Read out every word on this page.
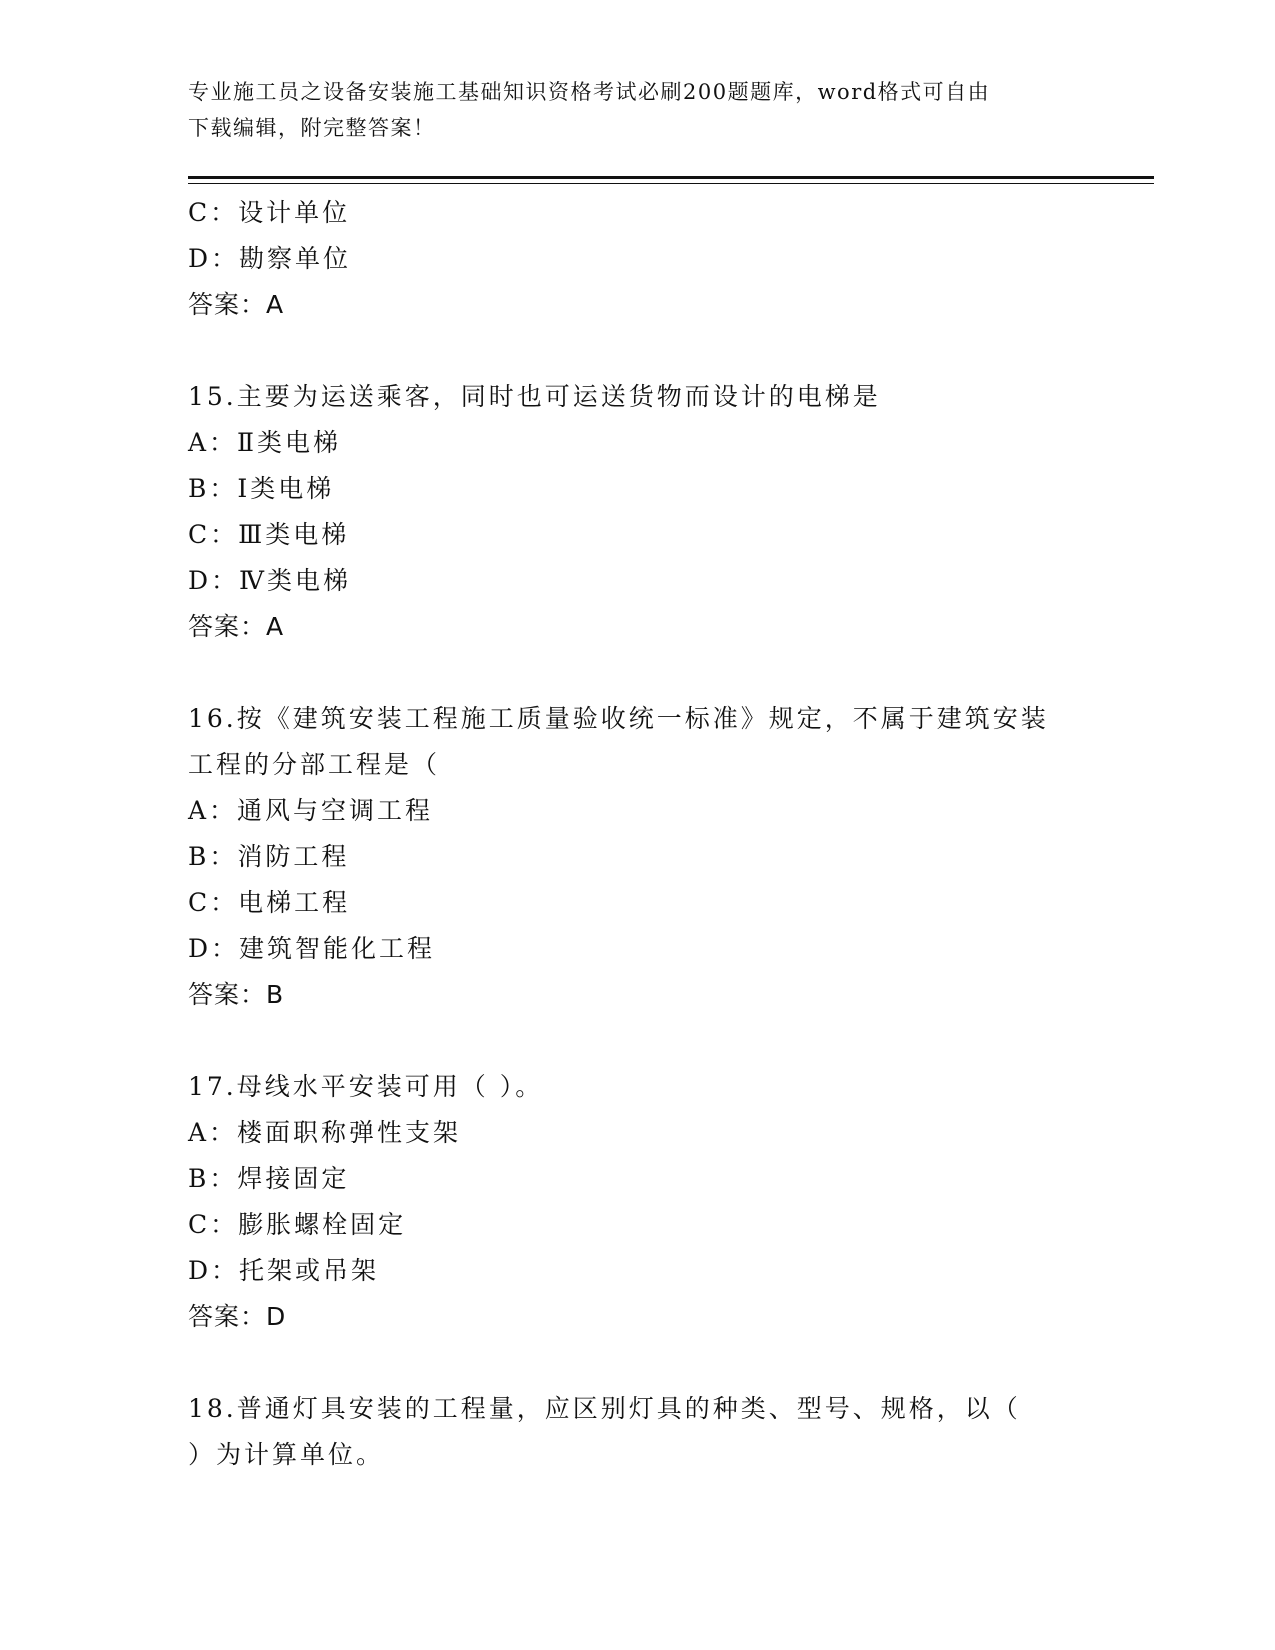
专业施工员之设备安装施工基础知识资格考试必刷200题题库，word格式可自由
下载编辑，附完整答案！
C：设计单位
D：勘察单位
答案：A
15.主要为运送乘客，同时也可运送货物而设计的电梯是
A：Ⅱ类电梯
B：Ⅰ类电梯
C：Ⅲ类电梯
D：Ⅳ类电梯
答案：A
16.按《建筑安装工程施工质量验收统一标准》规定，不属于建筑安装
工程的分部工程是（
A：通风与空调工程
B：消防工程
C：电梯工程
D：建筑智能化工程
答案：B
17.母线水平安装可用（ ）。
A：楼面职称弹性支架
B：焊接固定
C：膨胀螺栓固定
D：托架或吊架
答案：D
18.普通灯具安装的工程量，应区别灯具的种类、型号、规格，以（
）为计算单位。
